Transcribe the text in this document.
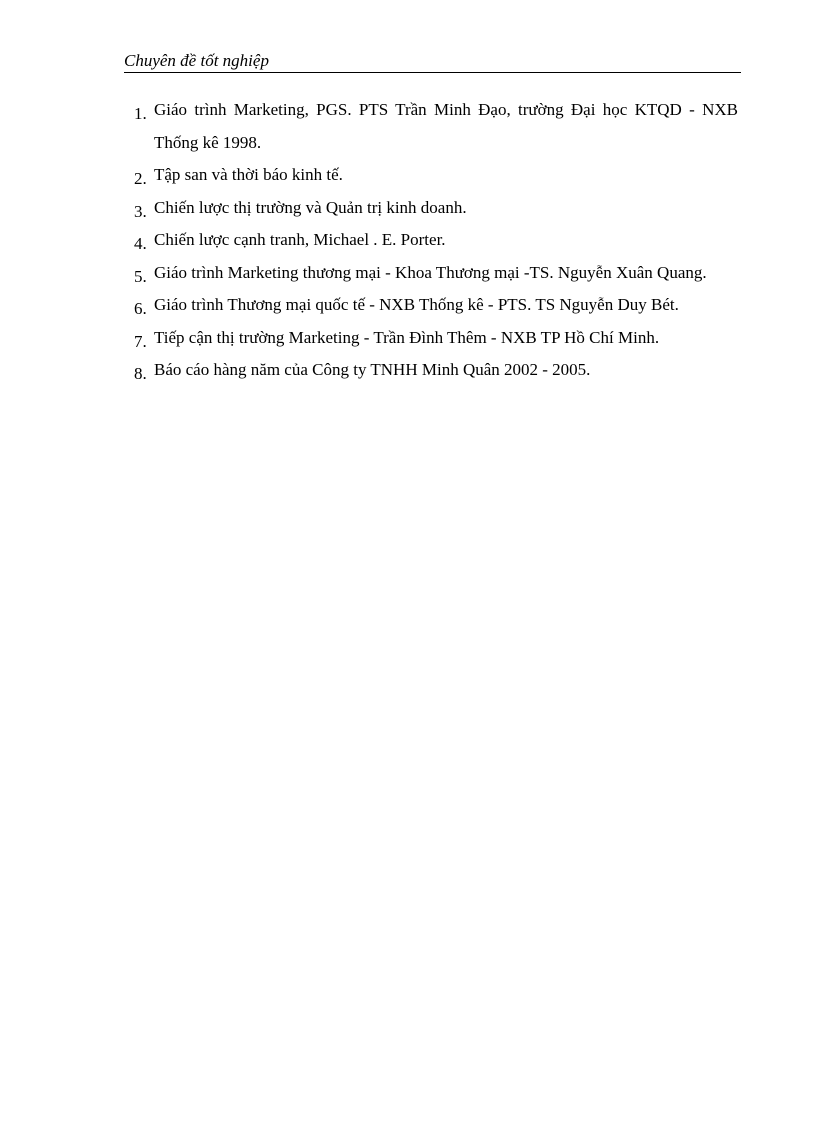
Chuyên đề tốt nghiệp
1. Giáo trình Marketing, PGS. PTS Trần Minh Đạo, trường Đại học KTQD - NXB Thống kê 1998.
2. Tập san và thời báo kinh tế.
3. Chiến lược thị trường và Quản trị kinh doanh.
4. Chiến lược cạnh tranh, Michael . E. Porter.
5. Giáo trình Marketing thương mại - Khoa Thương mại -TS. Nguyễn Xuân Quang.
6. Giáo trình Thương mại quốc tế - NXB Thống kê - PTS. TS Nguyễn Duy Bét.
7. Tiếp cận thị trường Marketing - Trần Đình Thêm - NXB TP Hồ Chí Minh.
8. Báo cáo hàng năm của Công ty TNHH Minh Quân 2002 - 2005.
